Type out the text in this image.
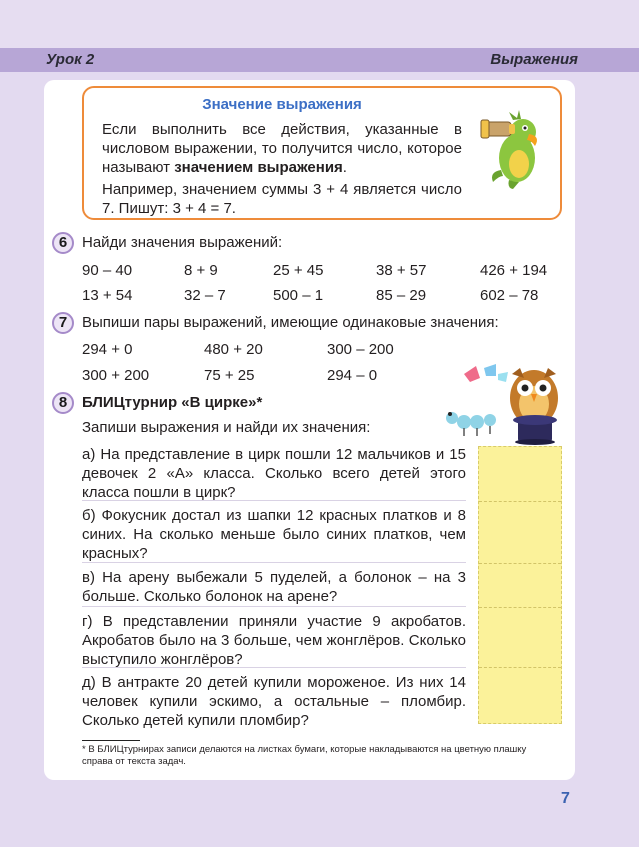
Урок 2	Выражения
Значение выражения

Если выполнить все действия, указанные в числовом выражении, то получится число, которое называют значением выражения.

Например, значением суммы 3 + 4 является число 7. Пишут: 3 + 4 = 7.

6 Найди значения выражений:
90 – 40	8 + 9	25 + 45	38 + 57	426 + 194
13 + 54	32 – 7	500 – 1	85 – 29	602 – 78
7 Выпиши пары выражений, имеющие одинаковые значения:
294 + 0	480 + 20	300 – 200
300 + 200	75 + 25	294 – 0
8 БЛИЦтурнир «В цирке»*
Запиши выражения и найди их значения:
а) На представление в цирк пошли 12 мальчиков и 15 девочек 2 «А» класса. Сколько всего детей этого класса пошли в цирк?
б) Фокусник достал из шапки 12 красных платков и 8 синих. На сколько меньше было синих платков, чем красных?
в) На арену выбежали 5 пуделей, а болонок – на 3 больше. Сколько болонок на арене?
г) В представлении приняли участие 9 акробатов. Акробатов было на 3 больше, чем жонглёров. Сколько выступило жонглёров?
д) В антракте 20 детей купили мороженое. Из них 14 человек купили эскимо, а остальные – пломбир. Сколько детей купили пломбир?
* В БЛИЦтурнирах записи делаются на листках бумаги, которые накладываются на цветную плашку справа от текста задач.
7
